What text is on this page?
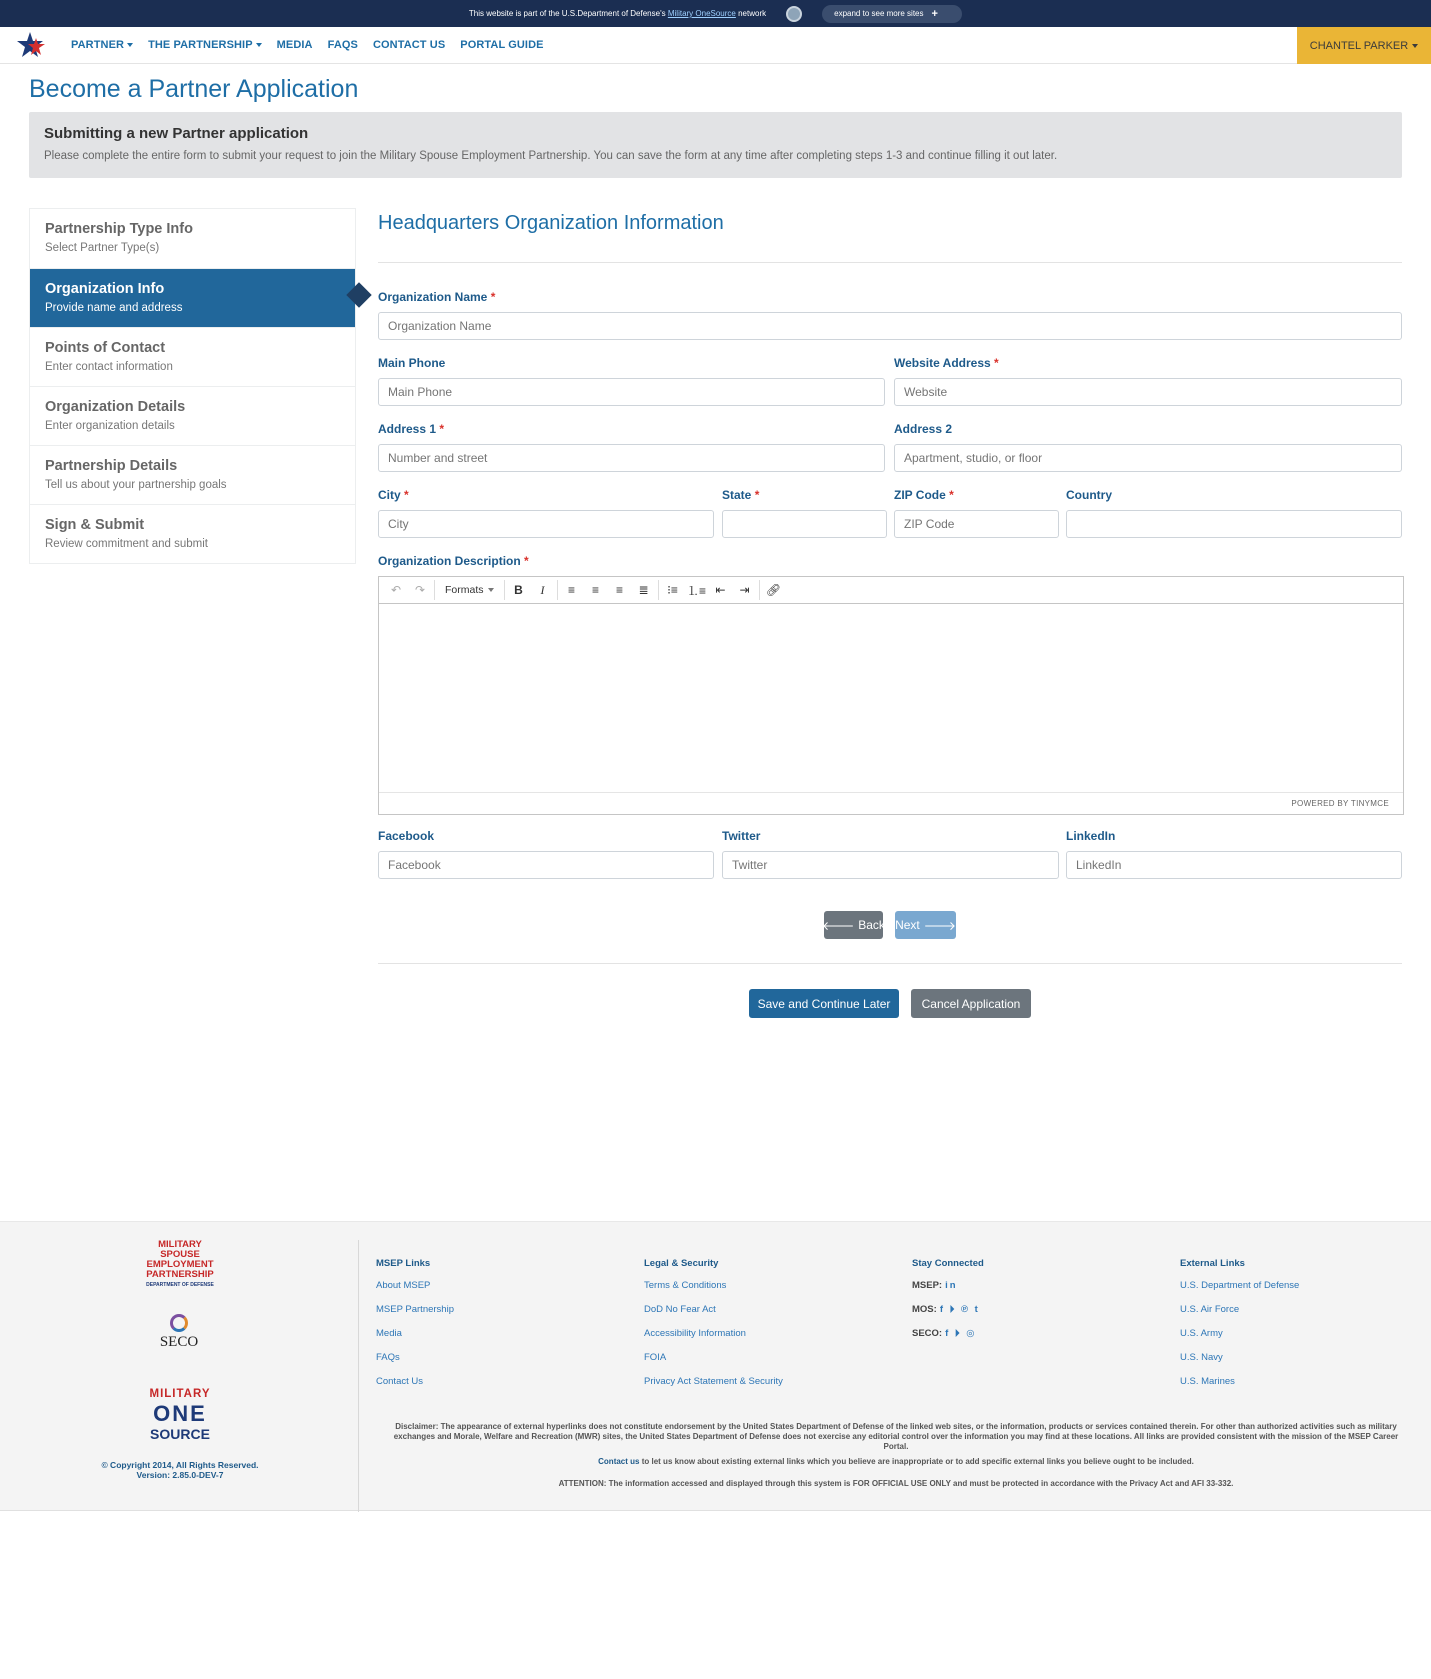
This website is part of the U.S.Department of Defense's Military OneSource network	expand to see more sites +
PARTNER THE PARTNERSHIP MEDIA FAQS CONTACT US PORTAL GUIDE	CHANTEL PARKER
Become a Partner Application
Submitting a new Partner application

Please complete the entire form to submit your request to join the Military Spouse Employment Partnership. You can save the form at any time after completing steps 1-3 and continue filling it out later.

Partnership Type Info
Select Partner Type(s)
Organization Info
Provide name and address
Points of Contact
Enter contact information
Organization Details
Enter organization details
Partnership Details
Tell us about your partnership goals
Sign & Submit
Review commitment and submit
Headquarters Organization Information
Organization Name *
Organization Name
Main Phone
Main Phone	Website Address *
Website
Address 1 *
Number and street	Address 2
Apartment, studio, or floor
City *
City	State *	ZIP Code *
ZIP Code	Country
Organization Description *
↶	↷	Formats	B	I	≡	≡	≡	≣	⁝≡ ⒈≡ ⇤	⇥	🔗︎
POWERED BY TINYMCE
Facebook
Facebook	Twitter
Twitter	LinkedIn
LinkedIn
🡐 Back Next 🡒
Save and Continue Later	Cancel Application
MILITARY SPOUSE EMPLOYMENT PARTNERSHIP
DEPARTMENT OF DEFENSE
SECO
MILITARY
ONE
SOURCE
© Copyright 2014, All Rights Reserved.
Version: 2.85.0-DEV-7
MSEP Links
About MSEP
MSEP Partnership
Media
FAQs
Contact Us
Legal & Security
Terms & Conditions
DoD No Fear Act
Accessibility Information
FOIA
Privacy Act Statement & Security
Stay Connected
MSEP: in
MOS: f ⏵ ℗ t
SECO: f ⏵ ◎
External Links
U.S. Department of Defense
U.S. Air Force
U.S. Army
U.S. Navy
U.S. Marines
Disclaimer: The appearance of external hyperlinks does not constitute endorsement by the United States Department of Defense of the linked web sites, or the information, products or services contained therein. For other than authorized activities such as military exchanges and Morale, Welfare and Recreation (MWR) sites, the United States Department of Defense does not exercise any editorial control over the information you may find at these locations. All links are provided consistent with the mission of the MSEP Career Portal.
Contact us to let us know about existing external links which you believe are inappropriate or to add specific external links you believe ought to be included.
ATTENTION: The information accessed and displayed through this system is FOR OFFICIAL USE ONLY and must be protected in accordance with the Privacy Act and AFI 33-332.
